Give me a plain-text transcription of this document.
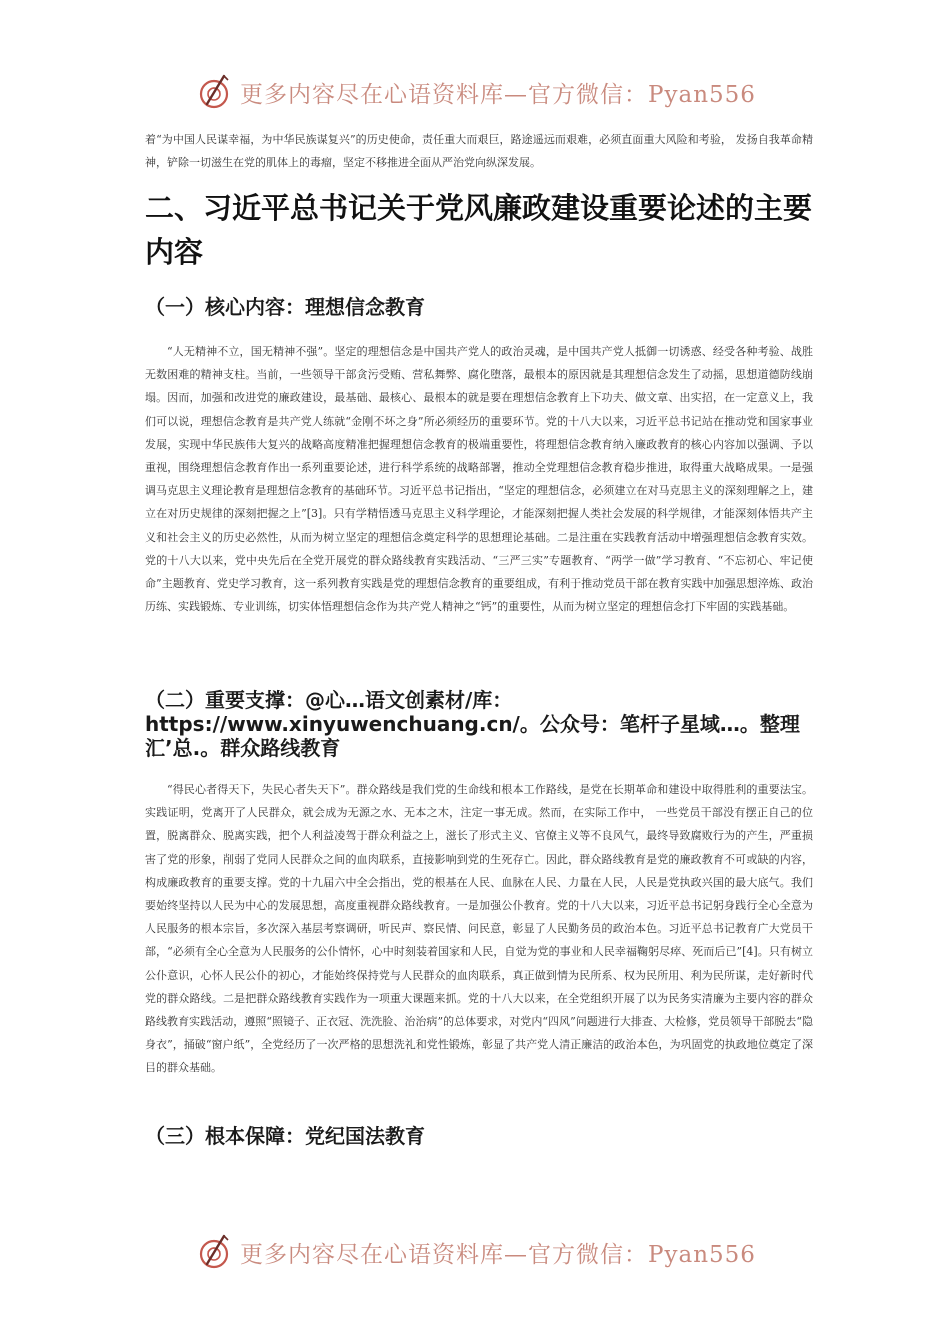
更多内容尽在心语资料库—官方微信：Pyan556

着“为中国人民谋幸福，为中华民族谋复兴”的历史使命，责任重大而艰巨，路途遥远而艰难，必须直面重大风险和考验， 发扬自我革命精神，铲除一切滋生在党的肌体上的毒瘤，坚定不移推进全面从严治党向纵深发展。

二、习近平总书记关于党风廉政建设重要论述的主要内容
（一）核心内容：理想信念教育

“人无精神不立，国无精神不强”。坚定的理想信念是中国共产党人的政治灵魂，是中国共产党人抵御一切诱惑、经受各种考验、战胜无数困难的精神支柱。当前，一些领导干部贪污受贿、营私舞弊、腐化堕落，最根本的原因就是其理想信念发生了动摇，思想道德防线崩塌。因而，加强和改进党的廉政建设，最基础、最核心、最根本的就是要在理想信念教育上下功夫、做文章、出实招，在一定意义上，我们可以说，理想信念教育是共产党人练就“金刚不坏之身”所必须经历的重要环节。党的十八大以来，习近平总书记站在推动党和国家事业发展，实现中华民族伟大复兴的战略高度精准把握理想信念教育的极端重要性，将理想信念教育纳入廉政教育的核心内容加以强调、予以重视，围绕理想信念教育作出一系列重要论述，进行科学系统的战略部署，推动全党理想信念教育稳步推进，取得重大战略成果。一是强调马克思主义理论教育是理想信念教育的基础环节。习近平总书记指出，“坚定的理想信念，必须建立在对马克思主义的深刻理解之上，建立在对历史规律的深刻把握之上”[3]。只有学精悟透马克思主义科学理论，才能深刻把握人类社会发展的科学规律，才能深刻体悟共产主义和社会主义的历史必然性，从而为树立坚定的理想信念奠定科学的思想理论基础。二是注重在实践教育活动中增强理想信念教育实效。党的十八大以来，党中央先后在全党开展党的群众路线教育实践活动、“三严三实”专题教育、“两学一做”学习教育、“不忘初心、牢记使命”主题教育、党史学习教育，这一系列教育实践是党的理想信念教育的重要组成，有利于推动党员干部在教育实践中加强思想淬炼、政治历练、实践锻炼、专业训练，切实体悟理想信念作为共产党人精神之“钙”的重要性，从而为树立坚定的理想信念打下牢固的实践基础。

（二）重要支撑：@心…语文创素材/库：https://www.xinyuwenchuang.cn/。公众号：笔杆子星域…。整理汇’总.。群众路线教育

“得民心者得天下，失民心者失天下”。群众路线是我们党的生命线和根本工作路线，是党在长期革命和建设中取得胜利的重要法宝。实践证明，党离开了人民群众，就会成为无源之水、无本之木，注定一事无成。然而，在实际工作中， 一些党员干部没有摆正自己的位置，脱离群众、脱离实践，把个人利益凌驾于群众利益之上，滋长了形式主义、官僚主义等不良风气，最终导致腐败行为的产生，严重损害了党的形象，削弱了党同人民群众之间的血肉联系，直接影响到党的生死存亡。因此，群众路线教育是党的廉政教育不可或缺的内容，构成廉政教育的重要支撑。党的十九届六中全会指出，党的根基在人民、血脉在人民、力量在人民，人民是党执政兴国的最大底气。我们要始终坚持以人民为中心的发展思想，高度重视群众路线教育。一是加强公仆教育。党的十八大以来，习近平总书记躬身践行全心全意为人民服务的根本宗旨，多次深入基层考察调研，听民声、察民情、问民意，彰显了人民勤务员的政治本色。习近平总书记教育广大党员干部，“必须有全心全意为人民服务的公仆情怀，心中时刻装着国家和人民，自觉为党的事业和人民幸福鞠躬尽瘁、死而后已”[4]。只有树立公仆意识，心怀人民公仆的初心，才能始终保持党与人民群众的血肉联系，真正做到情为民所系、权为民所用、利为民所谋，走好新时代党的群众路线。二是把群众路线教育实践作为一项重大课题来抓。党的十八大以来，在全党组织开展了以为民务实清廉为主要内容的群众路线教育实践活动，遵照“照镜子、正衣冠、洗洗脸、治治病”的总体要求，对党内“四风”问题进行大排查、大检修，党员领导干部脱去“隐身衣”，捅破“窗户纸”，全党经历了一次严格的思想洗礼和党性锻炼，彰显了共产党人清正廉洁的政治本色，为巩固党的执政地位奠定了深㠯的群众基础。

（三）根本保障：党纪国法教育
更多内容尽在心语资料库—官方微信：Pyan556
